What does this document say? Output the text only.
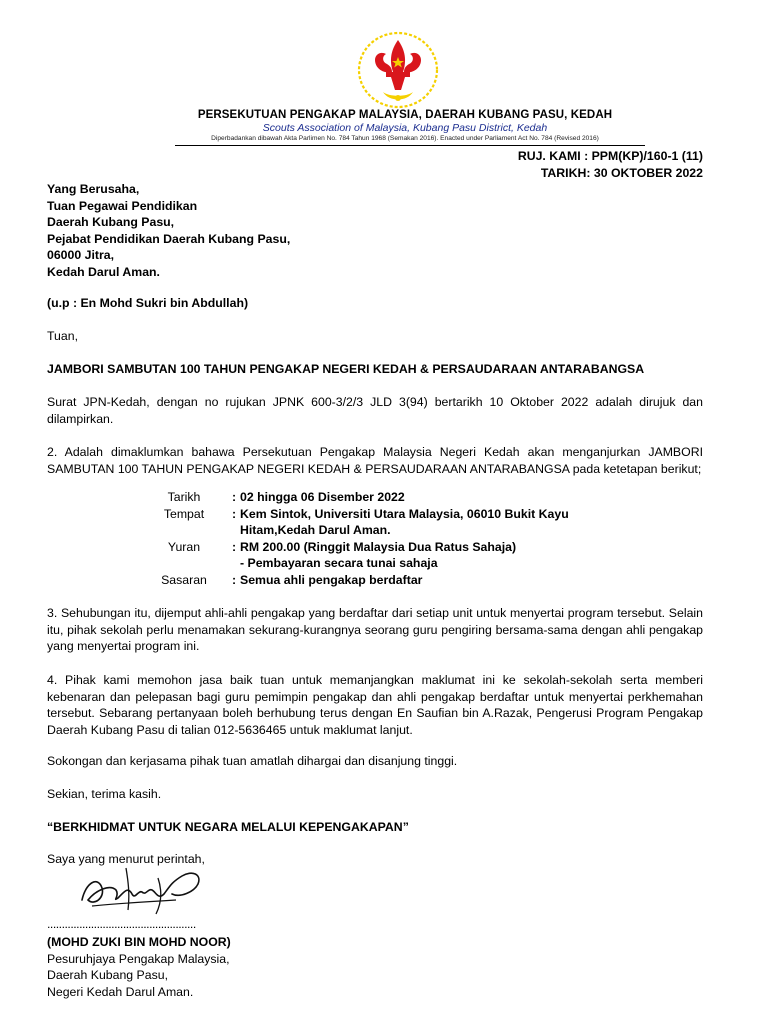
PERSEKUTUAN PENGAKAP MALAYSIA, DAERAH KUBANG PASU, KEDAH
Scouts Association of Malaysia, Kubang Pasu District, Kedah
Diperbadankan dibawah Akta Parlimen No. 784 Tahun 1968 (Semakan 2016). Enacted under Parliament Act No. 784 (Revised 2016)
RUJ. KAMI : PPM(KP)/160-1 (11)
TARIKH: 30 OKTOBER 2022
Yang Berusaha,
Tuan Pegawai Pendidikan
Daerah Kubang Pasu,
Pejabat Pendidikan Daerah Kubang Pasu,
06000 Jitra,
Kedah Darul Aman.
(u.p : En Mohd Sukri bin Abdullah)
Tuan,
JAMBORI SAMBUTAN 100 TAHUN PENGAKAP NEGERI KEDAH & PERSAUDARAAN ANTARABANGSA
Surat JPN-Kedah, dengan no rujukan JPNK 600-3/2/3 JLD 3(94) bertarikh 10 Oktober 2022 adalah dirujuk dan dilampirkan.
2. Adalah dimaklumkan bahawa Persekutuan Pengakap Malaysia Negeri Kedah akan menganjurkan JAMBORI SAMBUTAN 100 TAHUN PENGAKAP NEGERI KEDAH & PERSAUDARAAN ANTARABANGSA pada ketetapan berikut;
Tarikh	: 02 hingga 06 Disember 2022
Tempat	: Kem Sintok, Universiti Utara Malaysia, 06010 Bukit Kayu
Hitam,Kedah Darul Aman.
Yuran	: RM 200.00 (Ringgit Malaysia Dua Ratus Sahaja)
- Pembayaran secara tunai sahaja
Sasaran	: Semua ahli pengakap berdaftar
3. Sehubungan itu, dijemput ahli-ahli pengakap yang berdaftar dari setiap unit untuk menyertai program tersebut. Selain itu, pihak sekolah perlu menamakan sekurang-kurangnya seorang guru pengiring bersama-sama dengan ahli pengakap yang menyertai program ini.
4. Pihak kami memohon jasa baik tuan untuk memanjangkan maklumat ini ke sekolah-sekolah serta memberi kebenaran dan pelepasan bagi guru pemimpin pengakap dan ahli pengakap berdaftar untuk menyertai perkhemahan tersebut. Sebarang pertanyaan boleh berhubung terus dengan En Saufian bin A.Razak, Pengerusi Program Pengakap Daerah Kubang Pasu di talian 012-5636465 untuk maklumat lanjut.
Sokongan dan kerjasama pihak tuan amatlah dihargai dan disanjung tinggi.
Sekian, terima kasih.
“BERKHIDMAT UNTUK NEGARA MELALUI KEPENGAKAPAN”
Saya yang menurut perintah,
...................................................
(MOHD ZUKI BIN MOHD NOOR)
Pesuruhjaya Pengakap Malaysia,
Daerah Kubang Pasu,
Negeri Kedah Darul Aman.
